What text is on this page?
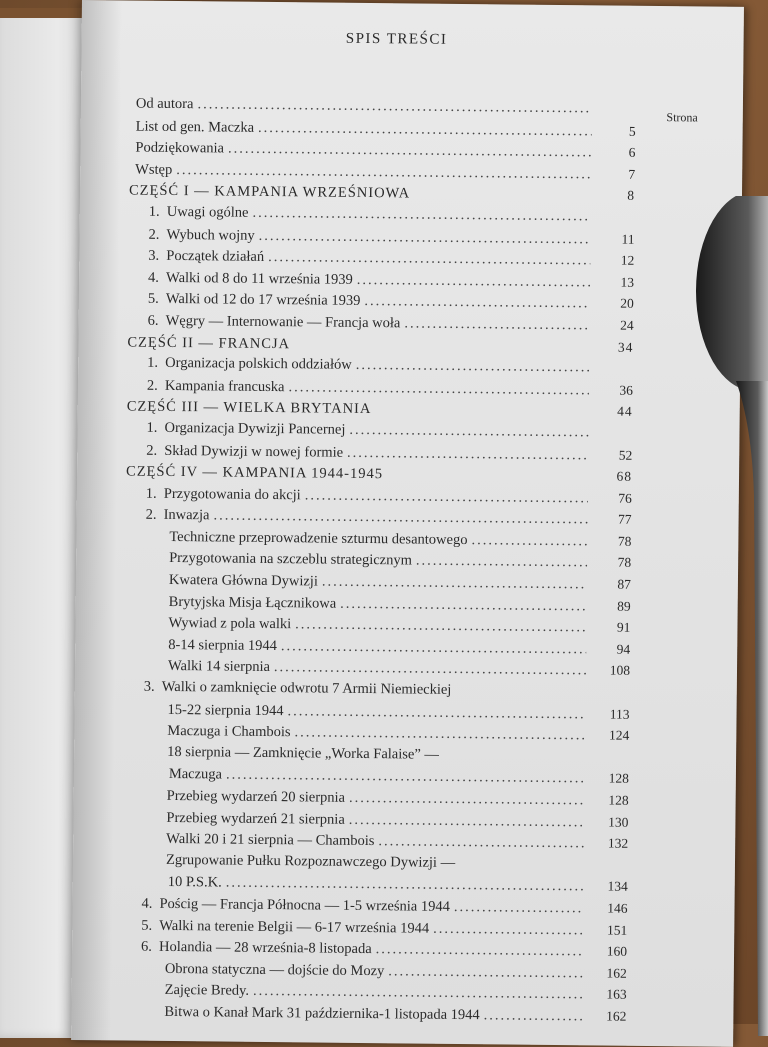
SPIS TREŚCI
Strona
Od autora
.....
List od gen. Maczka .....	5
Podziękowania .....	6
Wstęp .....	7
CZĘŚĆ I — KAMPANIA WRZEŚNIOWA	8
1. Uwagi ogólne
.....
2. Wybuch wojny .....	11
3. Początek działań .....	12
4. Walki od 8 do 11 września 1939 .....	13
5. Walki od 12 do 17 września 1939 .....	20
6. Węgry — Internowanie — Francja woła .....	24
CZĘŚĆ II — FRANCJA	34
1. Organizacja polskich oddziałów
.....
2. Kampania francuska .....	36
CZĘŚĆ III — WIELKA BRYTANIA	44
1. Organizacja Dywizji Pancernej
.....
2. Skład Dywizji w nowej formie .....	52
CZĘŚĆ IV — KAMPANIA 1944-1945	68
1. Przygotowania do akcji .....	76
2. Inwazja .....	77
Techniczne przeprowadzenie szturmu desantowego .....	78
Przygotowania na szczeblu strategicznym .....	78
Kwatera Główna Dywizji .....	87
Brytyjska Misja Łącznikowa .....	89
Wywiad z pola walki .....	91
8-14 sierpnia 1944 .....	94
Walki 14 sierpnia .....	108
3. Walki o zamknięcie odwrotu 7 Armii Niemieckiej
15-22 sierpnia 1944 .....	113
Maczuga i Chambois .....	124
18 sierpnia — Zamknięcie „Worka Falaise” —
Maczuga .....	128
Przebieg wydarzeń 20 sierpnia .....	128
Przebieg wydarzeń 21 sierpnia .....	130
Walki 20 i 21 sierpnia — Chambois .....	132
Zgrupowanie Pułku Rozpoznawczego Dywizji —
10 P.S.K. .....	134
4. Pościg — Francja Północna — 1-5 września 1944 .....	146
5. Walki na terenie Belgii — 6-17 września 1944 .....	151
6. Holandia — 28 września-8 listopada .....	160
Obrona statyczna — dojście do Mozy .....	162
Zajęcie Bredy. .....	163
Bitwa o Kanał Mark 31 października-1 listopada 1944 .....	162
